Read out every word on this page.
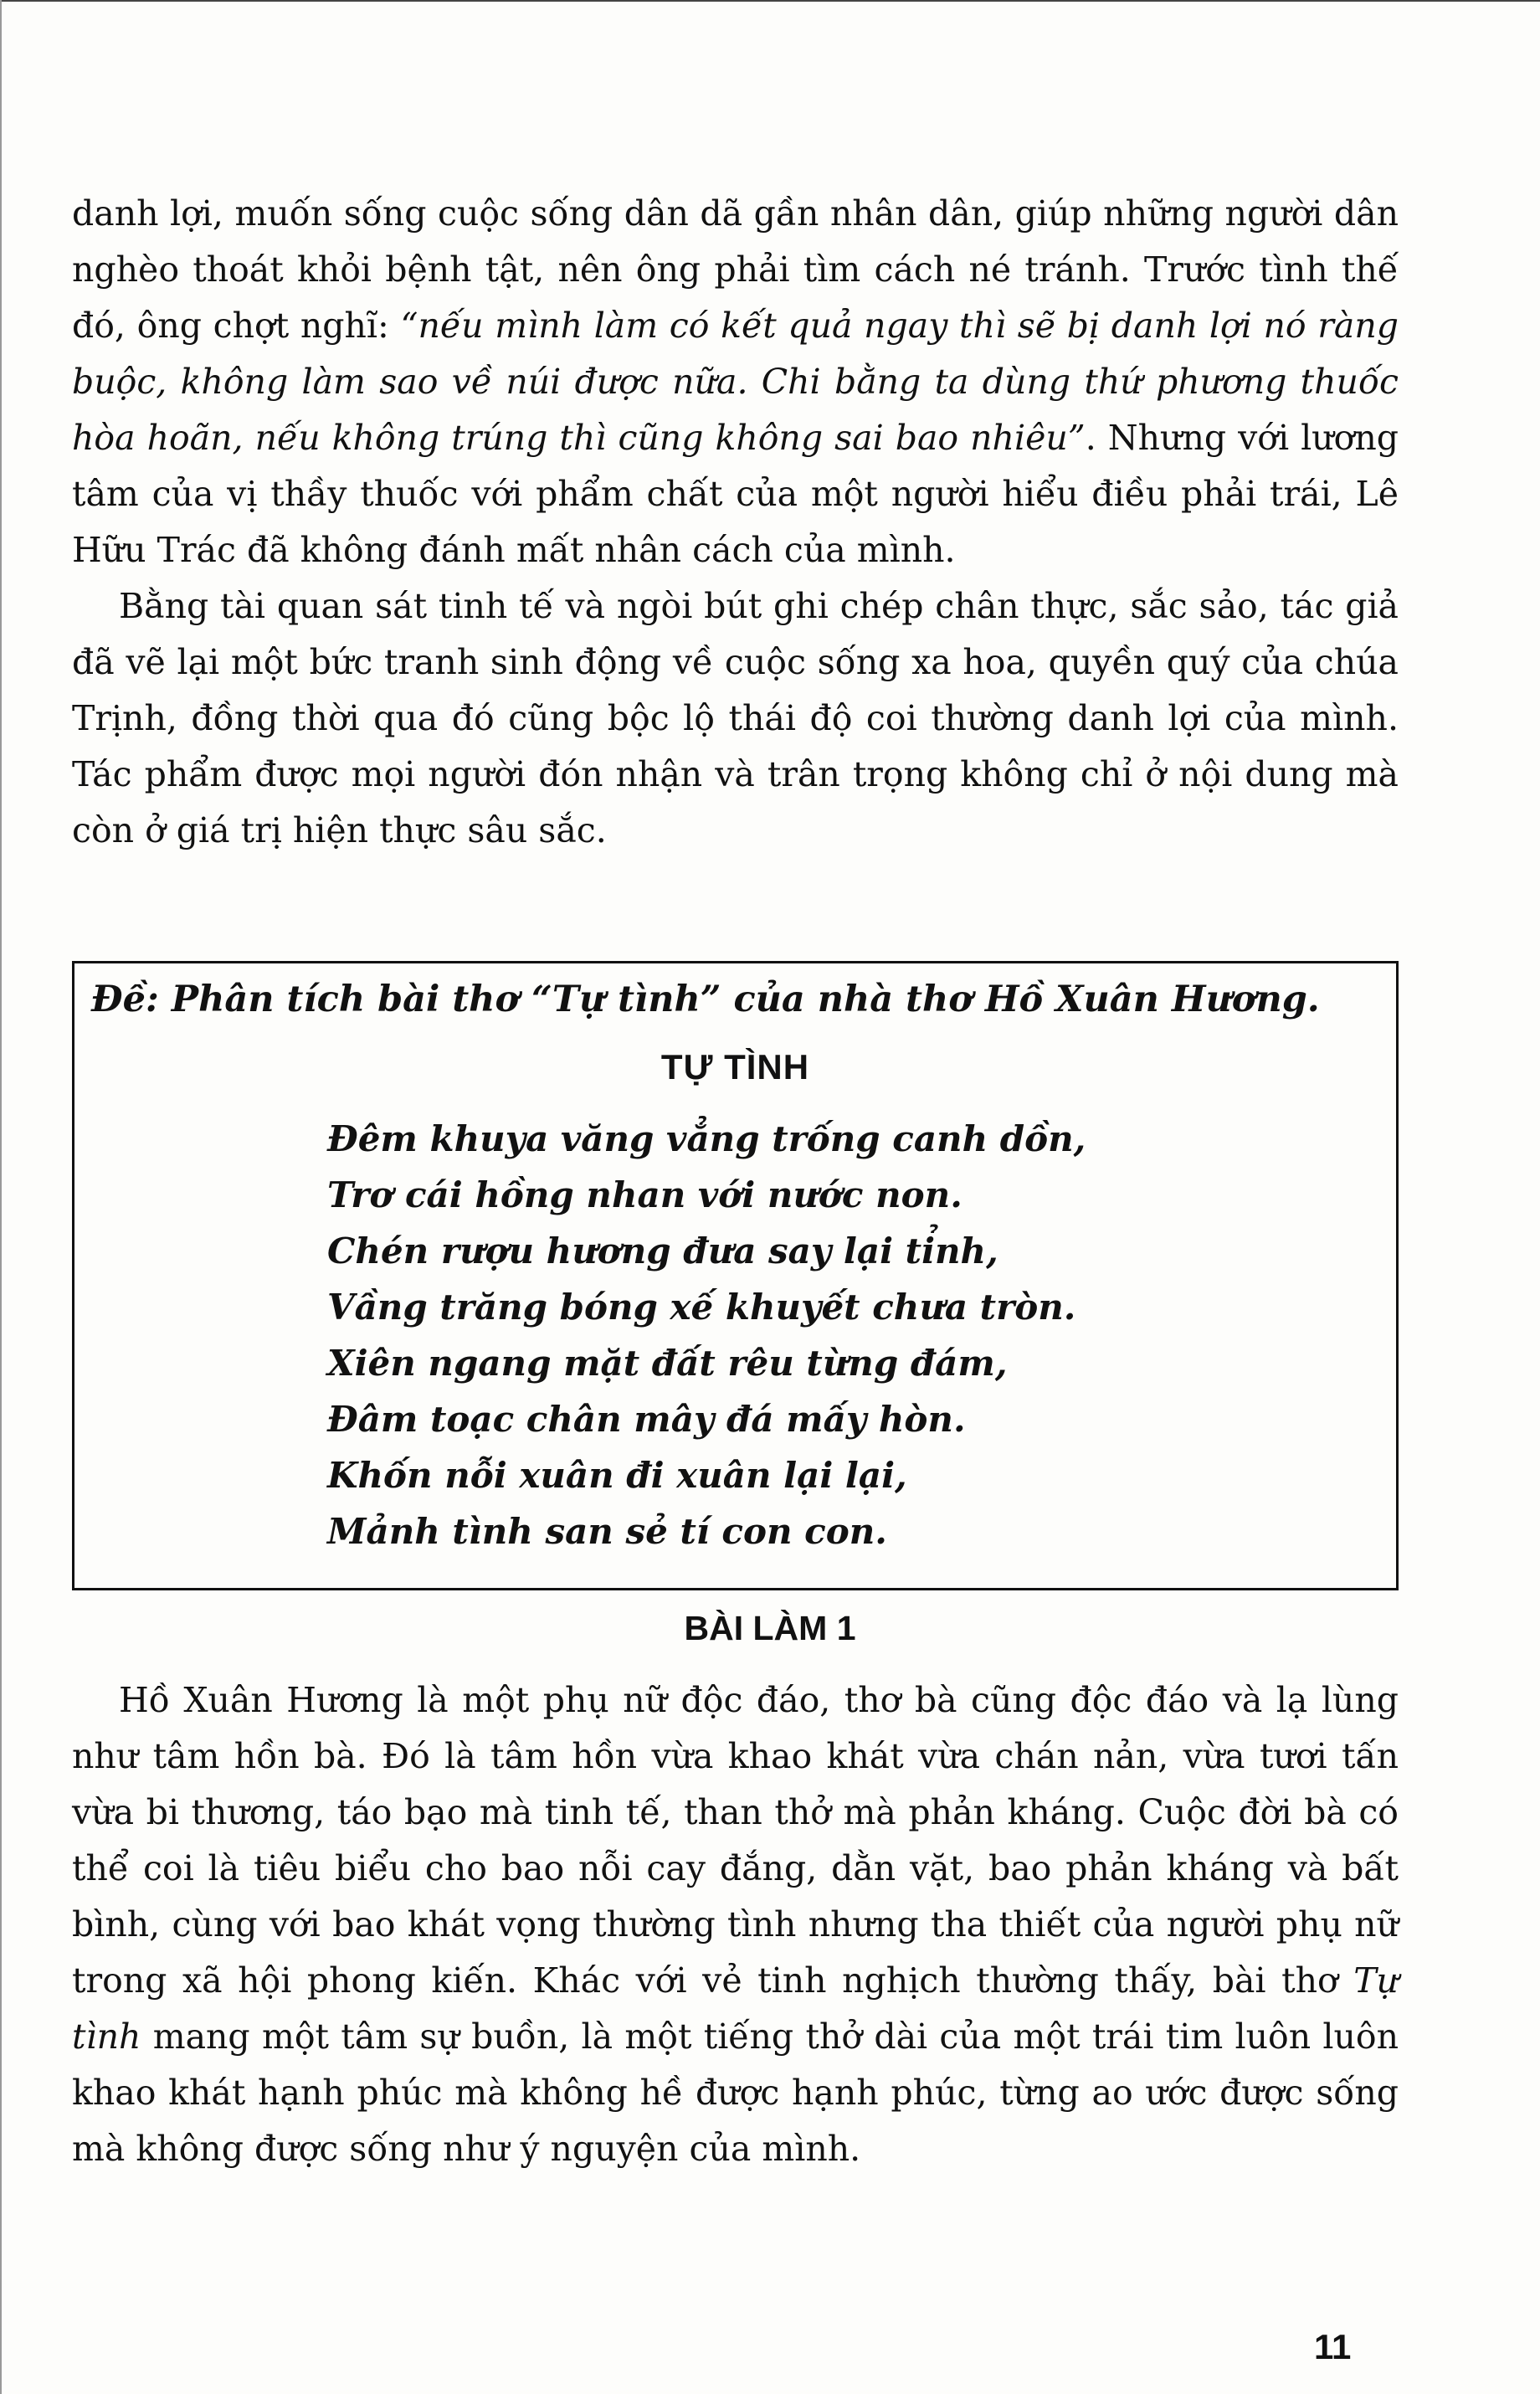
danh lợi, muốn sống cuộc sống dân dã gần nhân dân, giúp những người dân nghèo thoát khỏi bệnh tật, nên ông phải tìm cách né tránh. Trước tình thế đó, ông chợt nghĩ: “nếu mình làm có kết quả ngay thì sẽ bị danh lợi nó ràng buộc, không làm sao về núi được nữa. Chi bằng ta dùng thứ phương thuốc hòa hoãn, nếu không trúng thì cũng không sai bao nhiêu”. Nhưng với lương tâm của vị thầy thuốc với phẩm chất của một người hiểu điều phải trái, Lê Hữu Trác đã không đánh mất nhân cách của mình.

Bằng tài quan sát tinh tế và ngòi bút ghi chép chân thực, sắc sảo, tác giả đã vẽ lại một bức tranh sinh động về cuộc sống xa hoa, quyền quý của chúa Trịnh, đồng thời qua đó cũng bộc lộ thái độ coi thường danh lợi của mình. Tác phẩm được mọi người đón nhận và trân trọng không chỉ ở nội dung mà còn ở giá trị hiện thực sâu sắc.

Đề: Phân tích bài thơ “Tự tình” của nhà thơ Hồ Xuân Hương.
TỰ TÌNH
Đêm khuya văng vẳng trống canh dồn,
Trơ cái hồng nhan với nước non.
Chén rượu hương đưa say lại tỉnh,
Vầng trăng bóng xế khuyết chưa tròn.
Xiên ngang mặt đất rêu từng đám,
Đâm toạc chân mây đá mấy hòn.
Khốn nỗi xuân đi xuân lại lại,
Mảnh tình san sẻ tí con con.
BÀI LÀM 1

Hồ Xuân Hương là một phụ nữ độc đáo, thơ bà cũng độc đáo và lạ lùng như tâm hồn bà. Đó là tâm hồn vừa khao khát vừa chán nản, vừa tươi tấn vừa bi thương, táo bạo mà tinh tế, than thở mà phản kháng. Cuộc đời bà có thể coi là tiêu biểu cho bao nỗi cay đắng, dằn vặt, bao phản kháng và bất bình, cùng với bao khát vọng thường tình nhưng tha thiết của người phụ nữ trong xã hội phong kiến. Khác với vẻ tinh nghịch thường thấy, bài thơ Tự tình mang một tâm sự buồn, là một tiếng thở dài của một trái tim luôn luôn khao khát hạnh phúc mà không hề được hạnh phúc, từng ao ước được sống mà không được sống như ý nguyện của mình.

11
